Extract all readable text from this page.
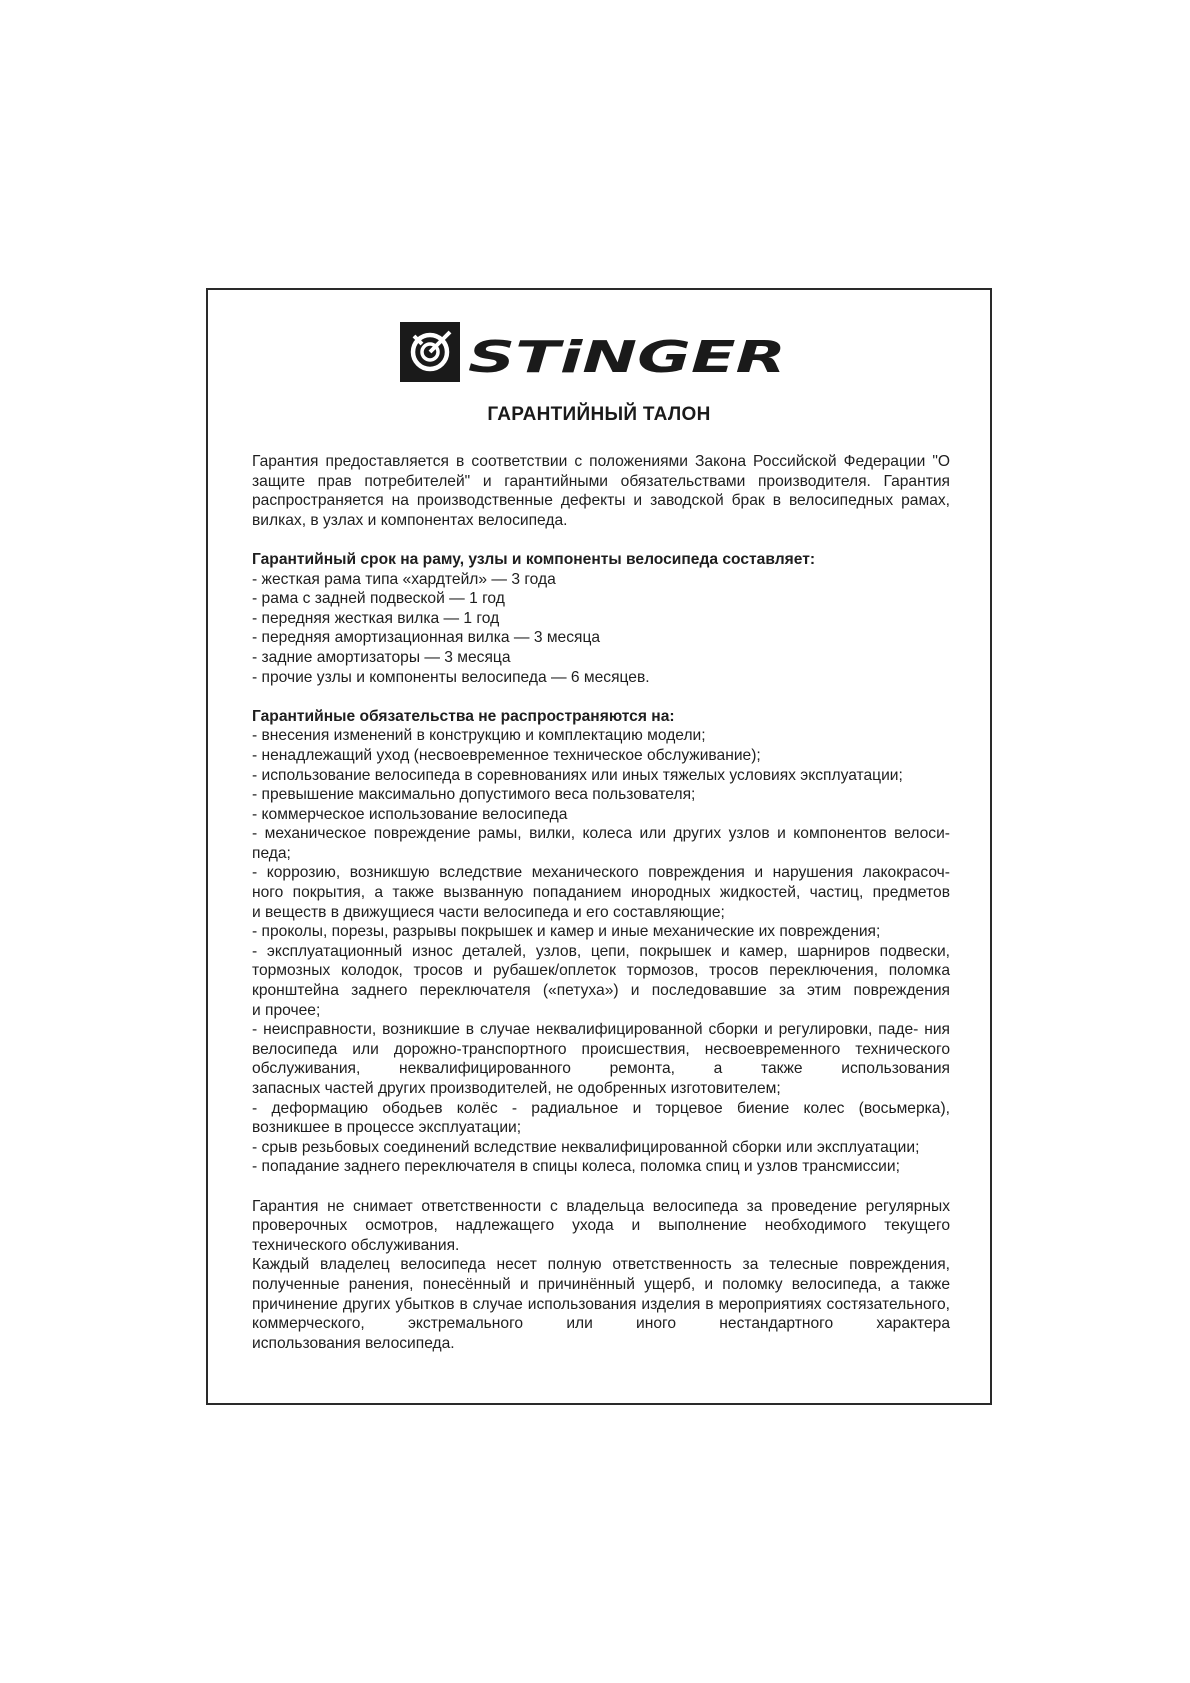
STiNGER
ГАРАНТИЙНЫЙ ТАЛОН

Гарантия предоставляется в соответствии с положениями Закона Российской Федерации "О защите прав потребителей" и гарантийными обязательствами производителя. Гарантия распространяется на производственные дефекты и заводской брак в велосипедных рамах, вилках, в узлах и компонентах велосипеда.

Гарантийный срок на раму, узлы и компоненты велосипеда составляет:

- жесткая рама типа «хардтейл» — 3 года

- рама с задней подвеской — 1 год

- передняя жесткая вилка — 1 год

- передняя амортизационная вилка — 3 месяца

- задние амортизаторы — 3 месяца

- прочие узлы и компоненты велосипеда — 6 месяцев.

Гарантийные обязательства не распространяются на:

- внесения изменений в конструкцию и комплектацию модели;

- ненадлежащий уход (несвоевременное техническое обслуживание);

- использование велосипеда в соревнованиях или иных тяжелых условиях эксплуатации;

- превышение максимально допустимого веса пользователя;

- коммерческое использование велосипеда

- механическое повреждение рамы, вилки, колеса или других узлов и компонентов велоси-
педа;

- коррозию, возникшую вследствие механического повреждения и нарушения лакокрасоч-
ного покрытия, а также вызванную попаданием инородных жидкостей, частиц, предметов
и веществ в движущиеся части велосипеда и его составляющие;

- проколы, порезы, разрывы покрышек и камер и иные механические их повреждения;

- эксплуатационный износ деталей, узлов, цепи, покрышек и камер, шарниров подвески, тормозных колодок, тросов и рубашек/оплеток тормозов, тросов переключения, поломка кронштейна заднего переключателя («петуха») и последовавшие за этим повреждения
и прочее;

- неисправности, возникшие в случае неквалифицированной сборки и регулировки, паде- ния велосипеда или дорожно-транспортного происшествия, несвоевременного технического обслуживания, неквалифицированного ремонта, а также использования
запасных частей других производителей, не одобренных изготовителем;

- деформацию ободьев колёс - радиальное и торцевое биение колес (восьмерка),
возникшее в процессе эксплуатации;

- срыв резьбовых соединений вследствие неквалифицированной сборки или эксплуатации;

- попадание заднего переключателя в спицы колеса, поломка спиц и узлов трансмиссии;

Гарантия не снимает ответственности с владельца велосипеда за проведение регулярных проверочных осмотров, надлежащего ухода и выполнение необходимого текущего
технического обслуживания.

Каждый владелец велосипеда несет полную ответственность за телесные повреждения, полученные ранения, понесённый и причинённый ущерб, и поломку велосипеда, а также причинение других убытков в случае использования изделия в мероприятиях состязательного, коммерческого, экстремального или иного нестандартного характера
использования велосипеда.
